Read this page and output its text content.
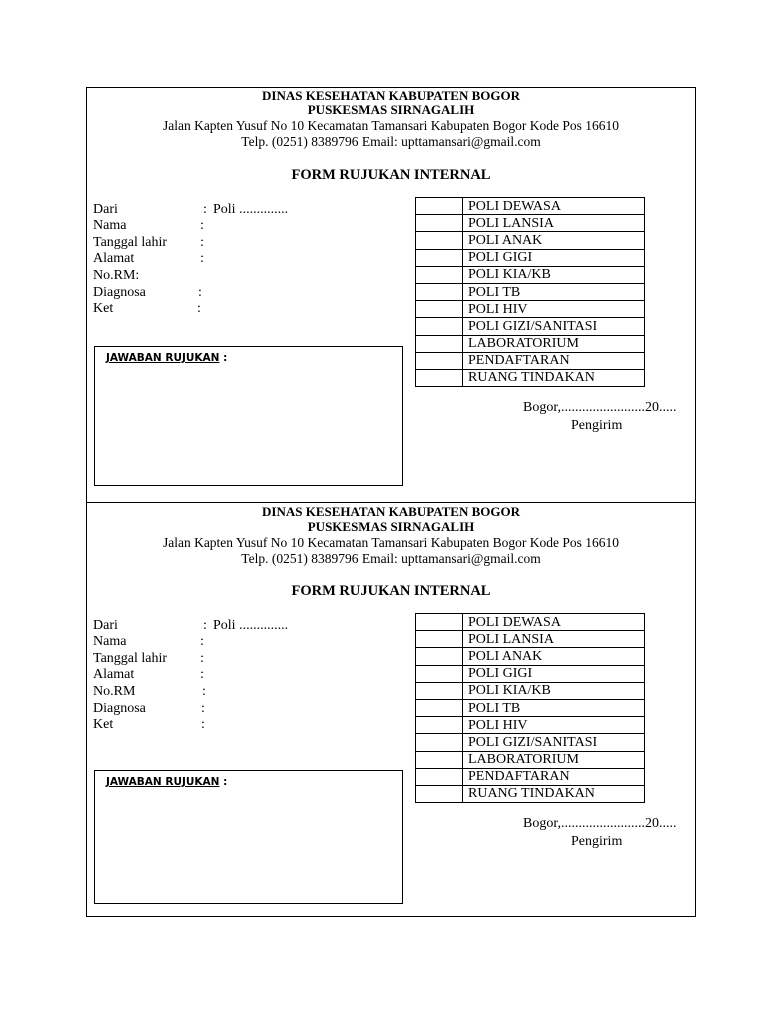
DINAS KESEHATAN KABUPATEN BOGOR
PUSKESMAS SIRNAGALIH
Jalan Kapten Yusuf No 10 Kecamatan Tamansari Kabupaten Bogor Kode Pos 16610
Telp. (0251) 8389796 Email: upttamansari@gmail.com
FORM RUJUKAN INTERNAL
Dari	: Poli ..............
Nama	:
Tanggal lahir :
Alamat	:
No.RM:
Diagnosa	:
Ket	:
	POLI DEWASA
	POLI LANSIA
	POLI ANAK
	POLI GIGI
	POLI KIA/KB
	POLI TB
	POLI HIV
	POLI GIZI/SANITASI
	LABORATORIUM
	PENDAFTARAN
	RUANG TINDAKAN
JAWABAN RUJUKAN :
Bogor,........................20.....
Pengirim
DINAS KESEHATAN KABUPATEN BOGOR
PUSKESMAS SIRNAGALIH
Jalan Kapten Yusuf No 10 Kecamatan Tamansari Kabupaten Bogor Kode Pos 16610
Telp. (0251) 8389796 Email: upttamansari@gmail.com
FORM RUJUKAN INTERNAL
Dari	: Poli ..............
Nama	:
Tanggal lahir :
Alamat	:
No.RM	:
Diagnosa	:
Ket	:
	POLI DEWASA
	POLI LANSIA
	POLI ANAK
	POLI GIGI
	POLI KIA/KB
	POLI TB
	POLI HIV
	POLI GIZI/SANITASI
	LABORATORIUM
	PENDAFTARAN
	RUANG TINDAKAN
JAWABAN RUJUKAN :
Bogor,........................20.....
Pengirim
